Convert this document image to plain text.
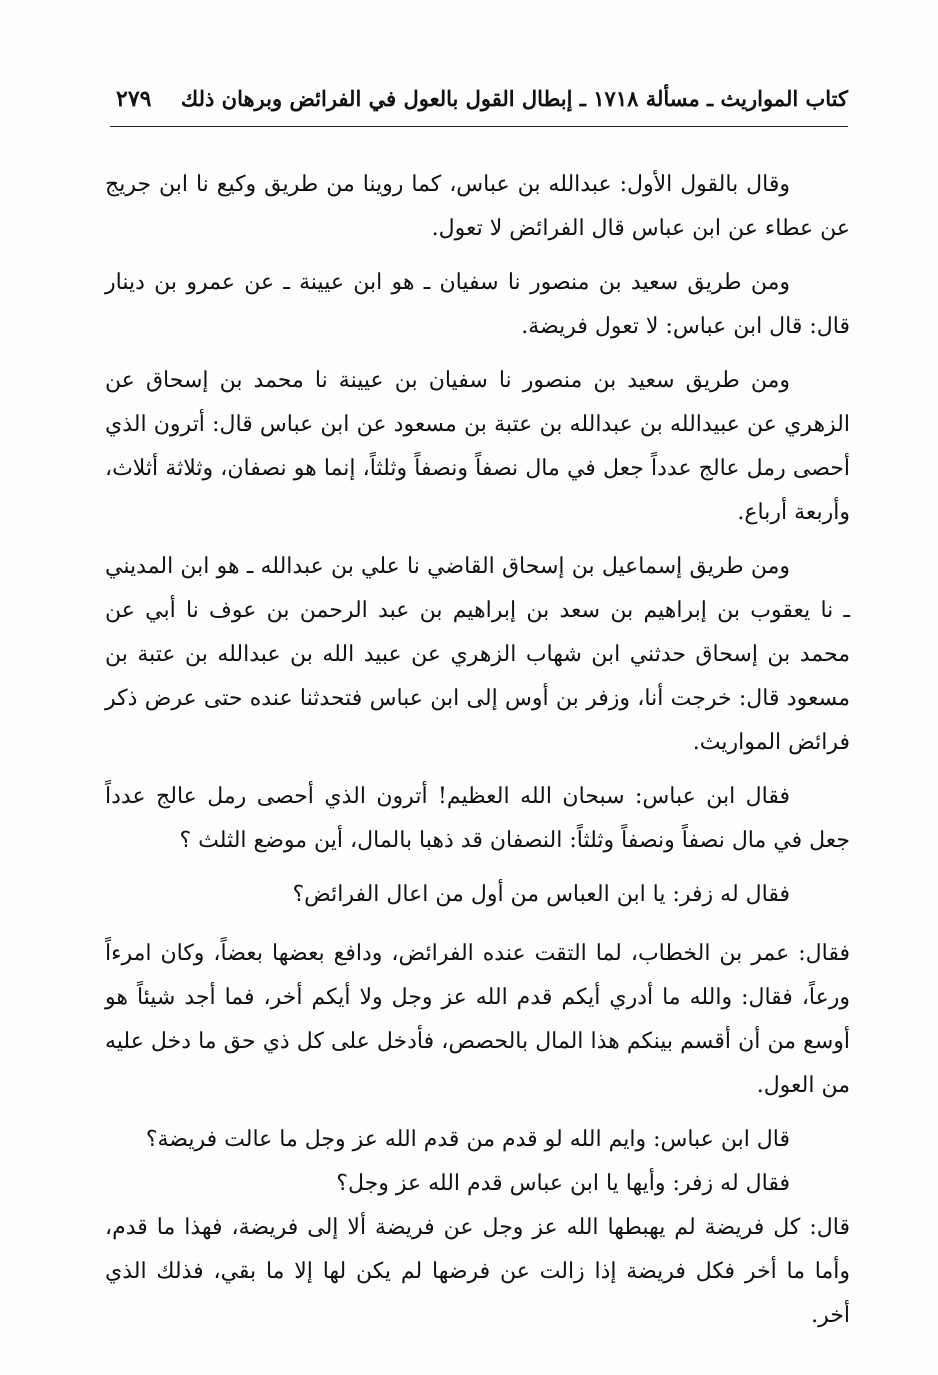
كتاب المواريث ـ مسألة ١٧١٨ ـ إبطال القول بالعول في الفرائض وبرهان ذلك
٢٧٩

وقال بالقول الأول: عبدالله بن عباس، كما روينا من طريق وكيع نا ابن جريج عن عطاء عن ابن عباس قال الفرائض لا تعول.

ومن طريق سعيد بن منصور نا سفيان ـ هو ابن عيينة ـ عن عمرو بن دينار قال: قال ابن عباس: لا تعول فريضة.

ومن طريق سعيد بن منصور نا سفيان بن عيينة نا محمد بن إسحاق عن الزهري عن عبيدالله بن عبدالله بن عتبة بن مسعود عن ابن عباس قال: أترون الذي أحصى رمل عالج عدداً جعل في مال نصفاً ونصفاً وثلثاً، إنما هو نصفان، وثلاثة أثلاث، وأربعة أرباع.

ومن طريق إسماعيل بن إسحاق القاضي نا علي بن عبدالله ـ هو ابن المديني ـ نا يعقوب بن إبراهيم بن سعد بن إبراهيم بن عبد الرحمن بن عوف نا أبي عن محمد بن إسحاق حدثني ابن شهاب الزهري عن عبيد الله بن عبدالله بن عتبة بن مسعود قال: خرجت أنا، وزفر بن أوس إلى ابن عباس فتحدثنا عنده حتى عرض ذكر فرائض المواريث.

فقال ابن عباس: سبحان الله العظيم! أترون الذي أحصى رمل عالج عدداً جعل في مال نصفاً ونصفاً وثلثاً: النصفان قد ذهبا بالمال، أين موضع الثلث ؟

فقال له زفر: يا ابن العباس من أول من اعال الفرائض؟

فقال: عمر بن الخطاب، لما التقت عنده الفرائض، ودافع بعضها بعضاً، وكان امرءاً ورعاً، فقال: والله ما أدري أيكم قدم الله عز وجل ولا أيكم أخر، فما أجد شيئاً هو أوسع من أن أقسم بينكم هذا المال بالحصص، فأدخل على كل ذي حق ما دخل عليه من العول.

قال ابن عباس: وايم الله لو قدم من قدم الله عز وجل ما عالت فريضة؟

فقال له زفر: وأيها يا ابن عباس قدم الله عز وجل؟

قال: كل فريضة لم يهبطها الله عز وجل عن فريضة ألا إلى فريضة، فهذا ما قدم، وأما ما أخر فكل فريضة إذا زالت عن فرضها لم يكن لها إلا ما بقي، فذلك الذي أخر.
